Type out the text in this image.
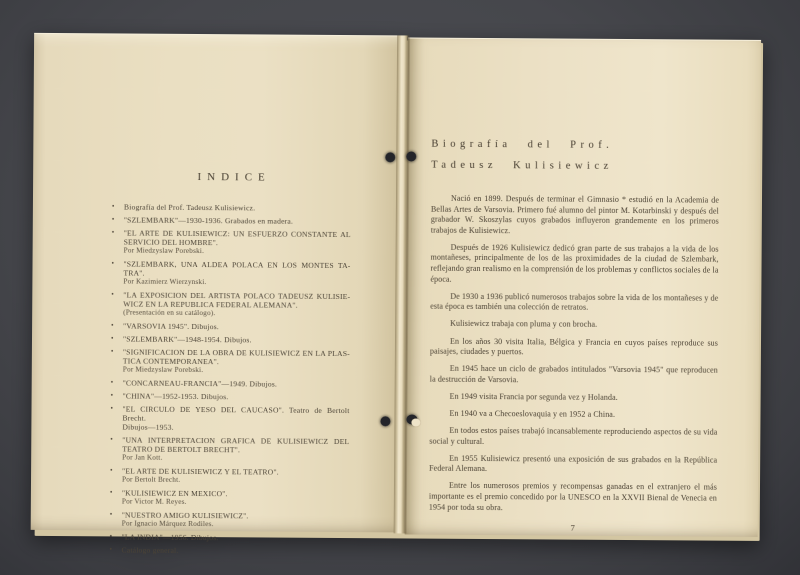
INDICE
• Biografía del Prof. Tadeusz Kulisiewicz.
• "SZLEMBARK"—1930-1936. Grabados en madera.
• "EL ARTE DE KULISIEWICZ: UN ESFUERZO CONSTANTE AL
SERVICIO DEL HOMBRE".
Por Miedzyslaw Porebski.
• "SZLEMBARK, UNA ALDEA POLACA EN LOS MONTES TA-
TRA".
Por Kazimierz Wierzynski.
• "LA EXPOSICION DEL ARTISTA POLACO TADEUSZ KULISIE-
WICZ EN LA REPUBLICA FEDERAL ALEMANA".
(Presentación en su catálogo).
• "VARSOVIA 1945". Dibujos.
• "SZLEMBARK"—1948-1954. Dibujos.
• "SIGNIFICACION DE LA OBRA DE KULISIEWICZ EN LA PLAS-
TICA CONTEMPORANEA".
Por Miedzyslaw Porebski.
• "CONCARNEAU-FRANCIA"—1949. Dibujos.
• "CHINA"—1952-1953. Dibujos.
• "EL CIRCULO DE YESO DEL CAUCASO". Teatro de Bertolt Brecht.
Dibujos—1953.
• "UNA INTERPRETACION GRAFICA DE KULISIEWICZ DEL
TEATRO DE BERTOLT BRECHT".
Por Jan Kott.
• "EL ARTE DE KULISIEWICZ Y EL TEATRO".
Por Bertolt Brecht.
• "KULISIEWICZ EN MEXICO".
Por Victor M. Reyes.
• "NUESTRO AMIGO KULISIEWICZ".
Por Ignacio Márquez Rodiles.
• "LA INDIA"—1956. Dibujos.
• Catálogo general.
Biografía del Prof.
Tadeusz Kulisiewicz

Nació en 1899. Después de terminar el Gimnasio * estudió en la Academia de Bellas Artes de Varsovia. Primero fué alumno del pintor M. Kotarbinski y después del grabador W. Skoszylas cuyos grabados influyeron grandemente en los primeros trabajos de Kulisiewicz.

Después de 1926 Kulisiewicz dedicó gran parte de sus trabajos a la vida de los montañeses, principalmente de los de las proximidades de la ciudad de Szlembark, reflejando gran realismo en la comprensión de los problemas y conflictos sociales de la época.

De 1930 a 1936 publicó numerosos trabajos sobre la vida de los montañeses y de esta época es también una colección de retratos.

Kulisiewicz trabaja con pluma y con brocha.

En los años 30 visita Italia, Bélgica y Francia en cuyos países reproduce sus paisajes, ciudades y puertos.

En 1945 hace un ciclo de grabados intitulados "Varsovia 1945" que reproducen la destrucción de Varsovia.

En 1949 visita Francia por segunda vez y Holanda.

En 1940 va a Checoeslovaquia y en 1952 a China.

En todos estos países trabajó incansablemente reproduciendo aspectos de su vida social y cultural.

En 1955 Kulisiewicz presentó una exposición de sus grabados en la República Federal Alemana.

Entre los numerosos premios y recompensas ganadas en el extranjero el más importante es el premio concedido por la UNESCO en la XXVII Bienal de Venecia en 1954 por toda su obra.

7
